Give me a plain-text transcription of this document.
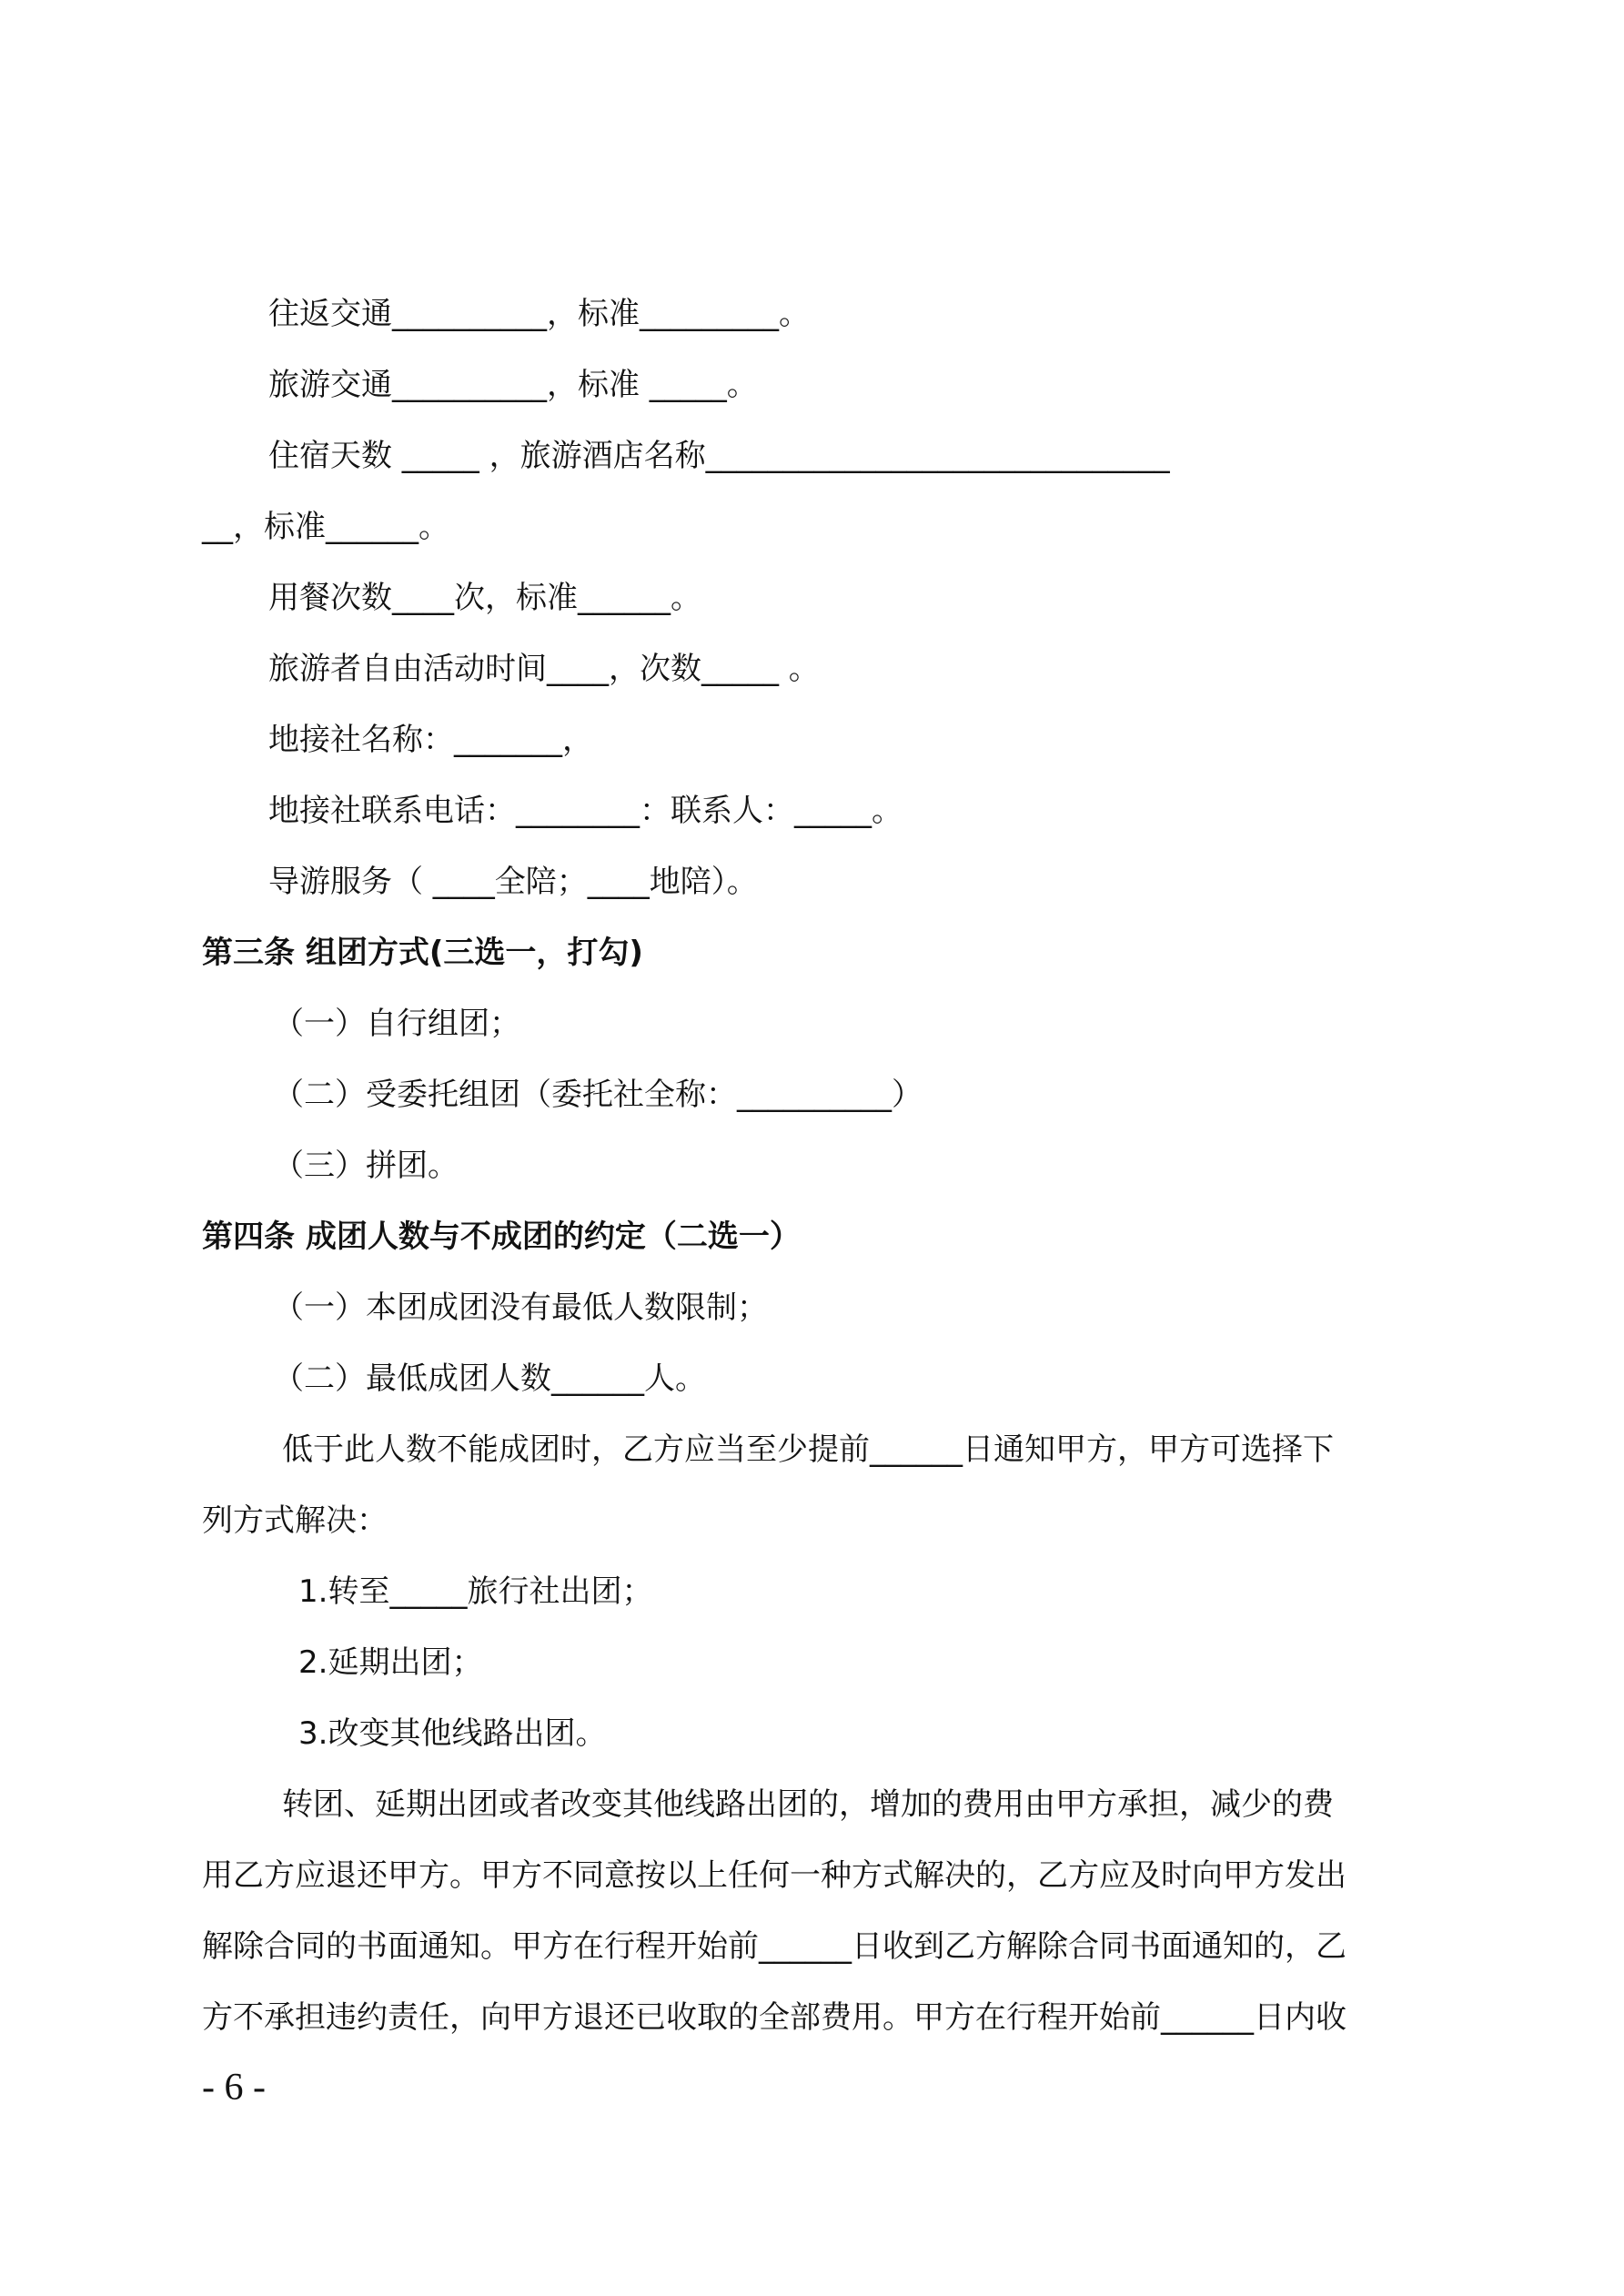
往返交通__________，标准_________。
旅游交通__________，标准 _____。
住宿天数 _____ ，旅游酒店名称______________________________
__，标准______。
用餐次数____次，标准______。
旅游者自由活动时间____，次数_____ 。
地接社名称：_______，
地接社联系电话：________：联系人：_____。
导游服务（ ____全陪；____地陪）。
第三条 组团方式(三选一，打勾)
（一）自行组团；
（二）受委托组团（委托社全称：__________）
（三）拼团。
第四条 成团人数与不成团的约定（二选一）
（一）本团成团没有最低人数限制；
（二）最低成团人数______人。
低于此人数不能成团时，乙方应当至少提前______日通知甲方，甲方可选择下
列方式解决：
1.转至_____旅行社出团；
2.延期出团；
3.改变其他线路出团。
转团、延期出团或者改变其他线路出团的，增加的费用由甲方承担，减少的费
用乙方应退还甲方。甲方不同意按以上任何一种方式解决的，乙方应及时向甲方发出
解除合同的书面通知。甲方在行程开始前______日收到乙方解除合同书面通知的，乙
方不承担违约责任，向甲方退还已收取的全部费用。甲方在行程开始前______日内收
- 6 -
